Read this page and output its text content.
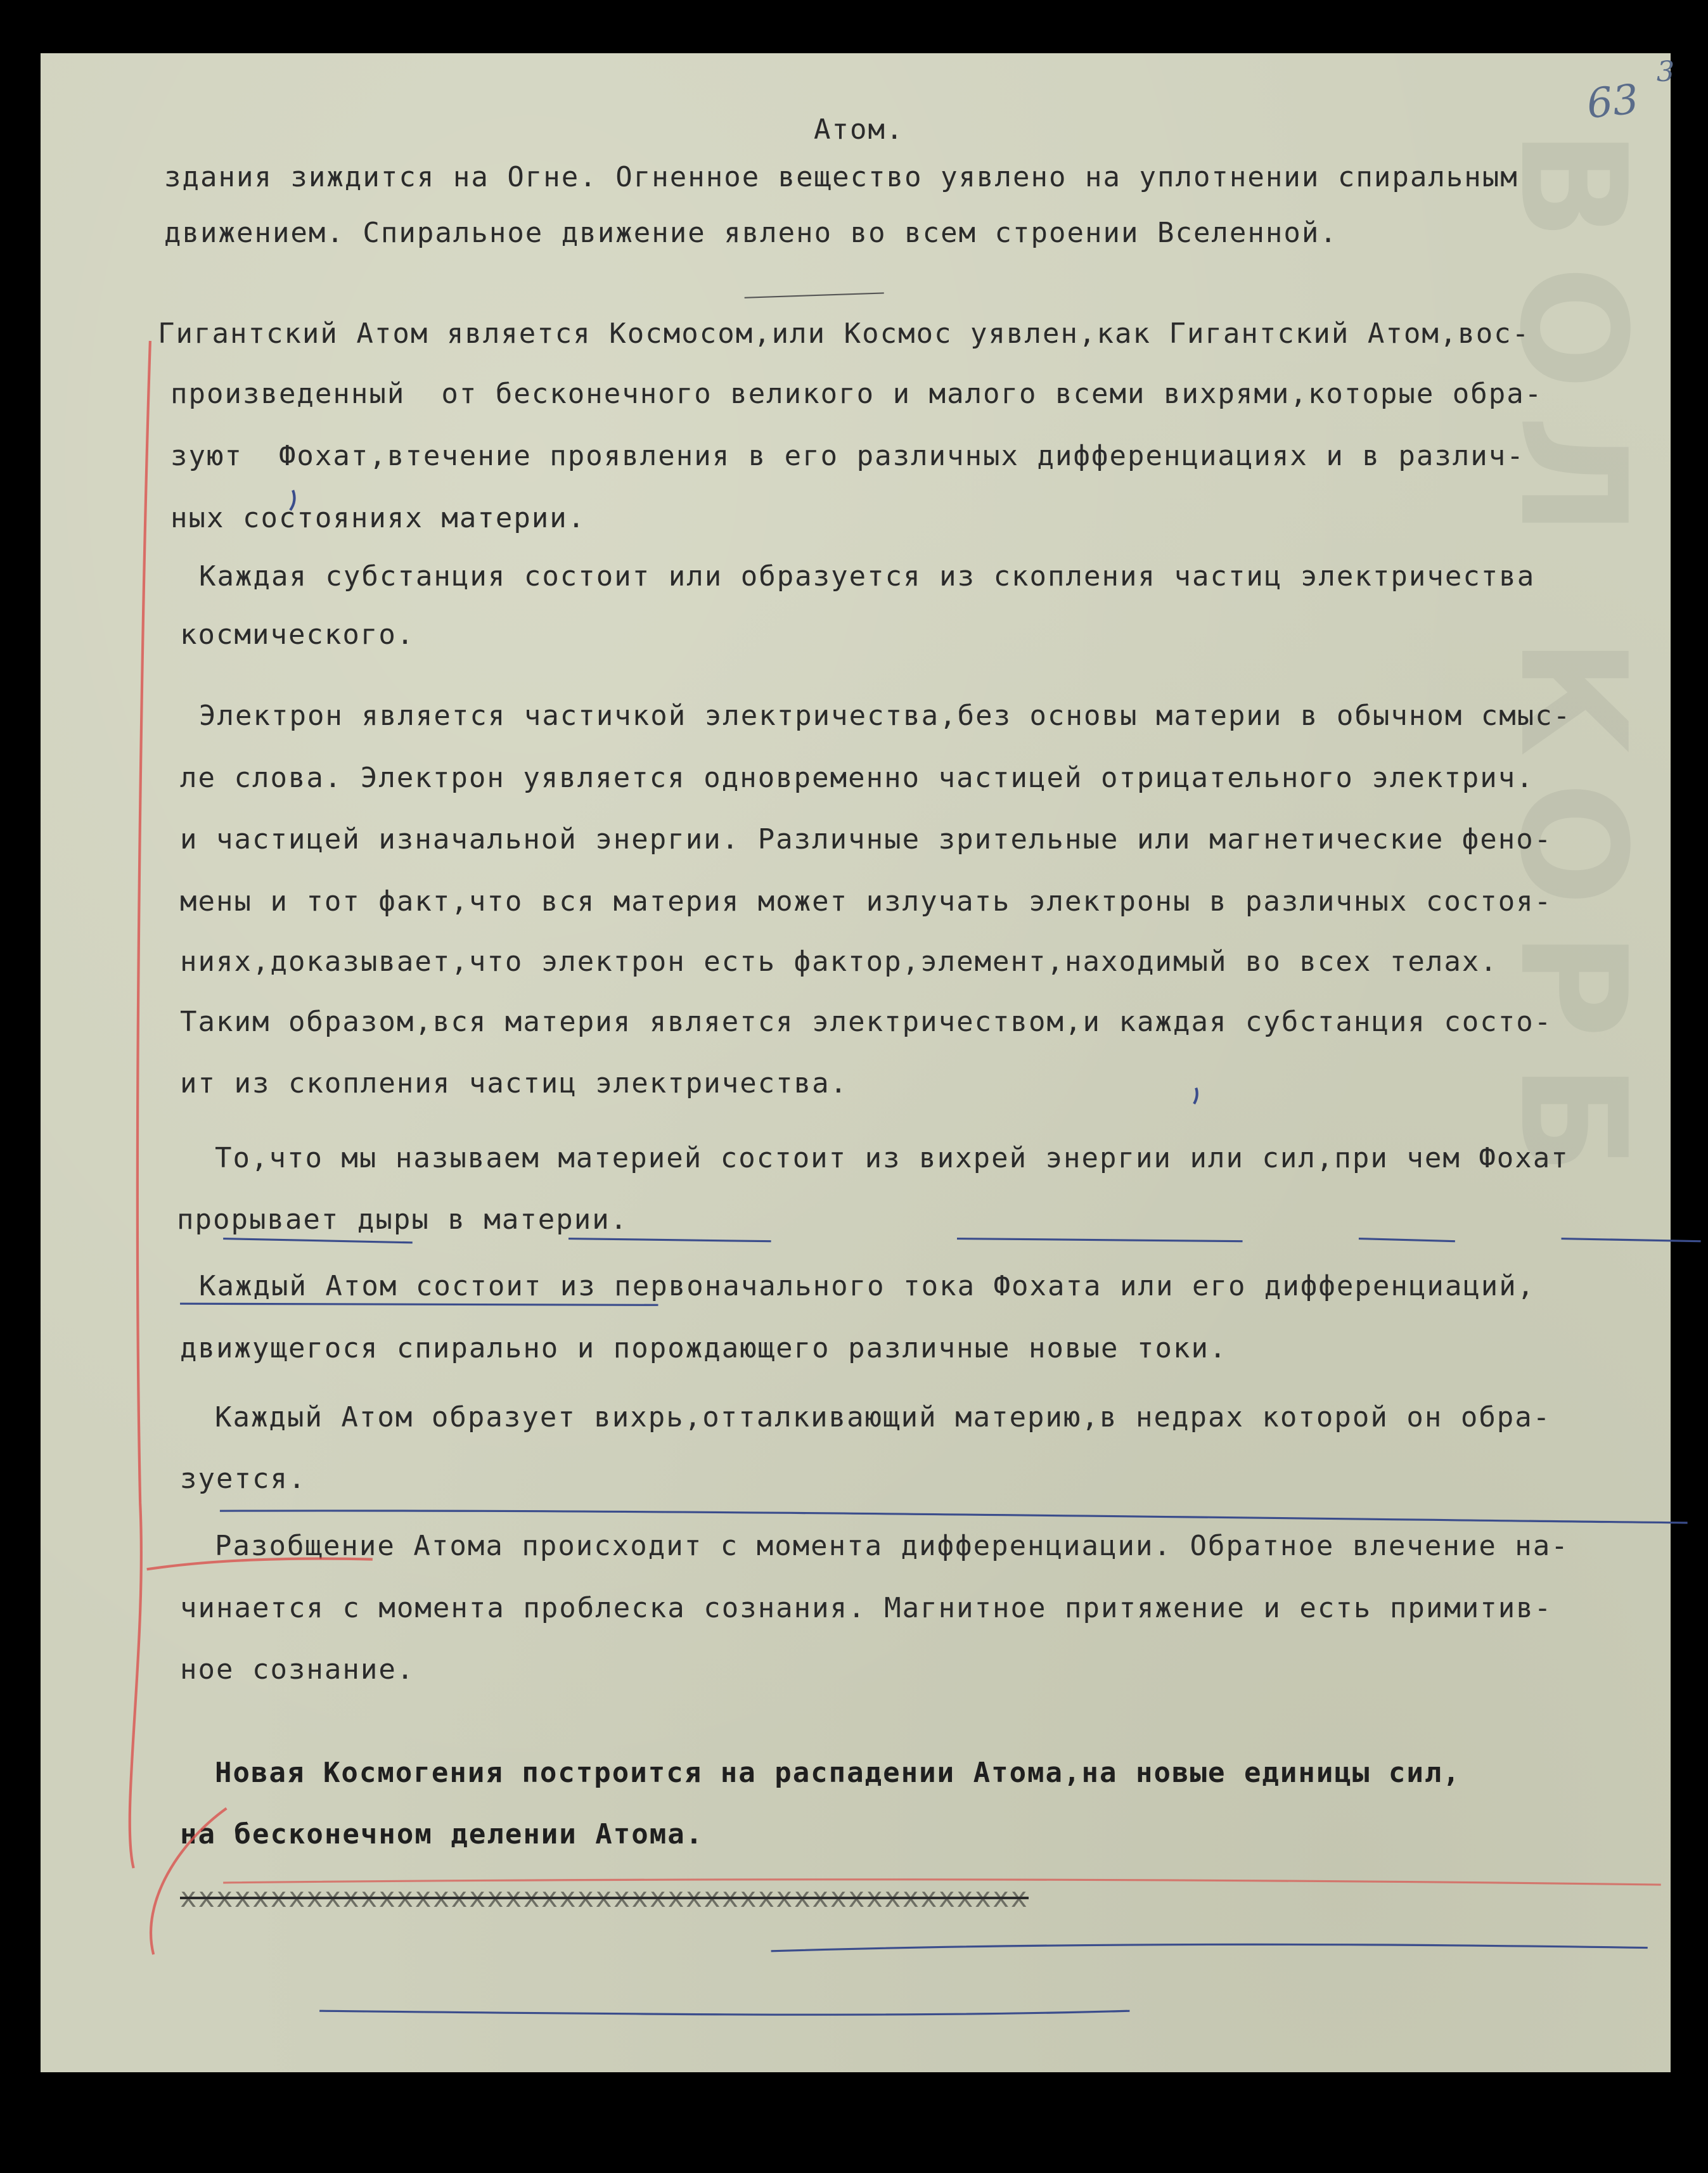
ВОЛ КОРБ
63
3
Атом.
здания зиждится на Огне. Огненное вещество уявлено на уплотнении спиральным
движением. Спиральное движение явлено во всем строении Вселенной.
Гигантский Атом является Космосом,или Космос уявлен,как Гигантский Атом,вос-
произведенный  от бесконечного великого и малого всеми вихрями,которые обра-
зуют  Фохат,втечение проявления в его различных дифференциациях и в различ-
ных состояниях материи.
Каждая субстанция состоит или образуется из скопления частиц электричества
космического.
Электрон является частичкой электричества,без основы материи в обычном смыс-
ле слова. Электрон уявляется одновременно частицей отрицательного электрич.
и частицей изначальной энергии. Различные зрительные или магнетические фено-
мены и тот факт,что вся материя может излучать электроны в различных состоя-
ниях,доказывает,что электрон есть фактор,элемент,находимый во всех телах.
Таким образом,вся материя является электричеством,и каждая субстанция состо-
ит из скопления частиц электричества.
То,что мы называем материей состоит из вихрей энергии или сил,при чем Фохат
прорывает дыры в материи.
Каждый Атом состоит из первоначального тока Фохата или его дифференциаций,
движущегося спирально и порождающего различные новые токи.
Каждый Атом образует вихрь,отталкивающий материю,в недрах которой он обра-
зуется.
Разобщение Атома происходит с момента дифференциации. Обратное влечение на-
чинается с момента проблеска сознания. Магнитное притяжение и есть примитив-
ное сознание.
Новая Космогения построится на распадении Атома,на новые единицы сил,
на бесконечном делении Атома.
ххххххххххххххххххххххххххххххххххххххххххххххх
